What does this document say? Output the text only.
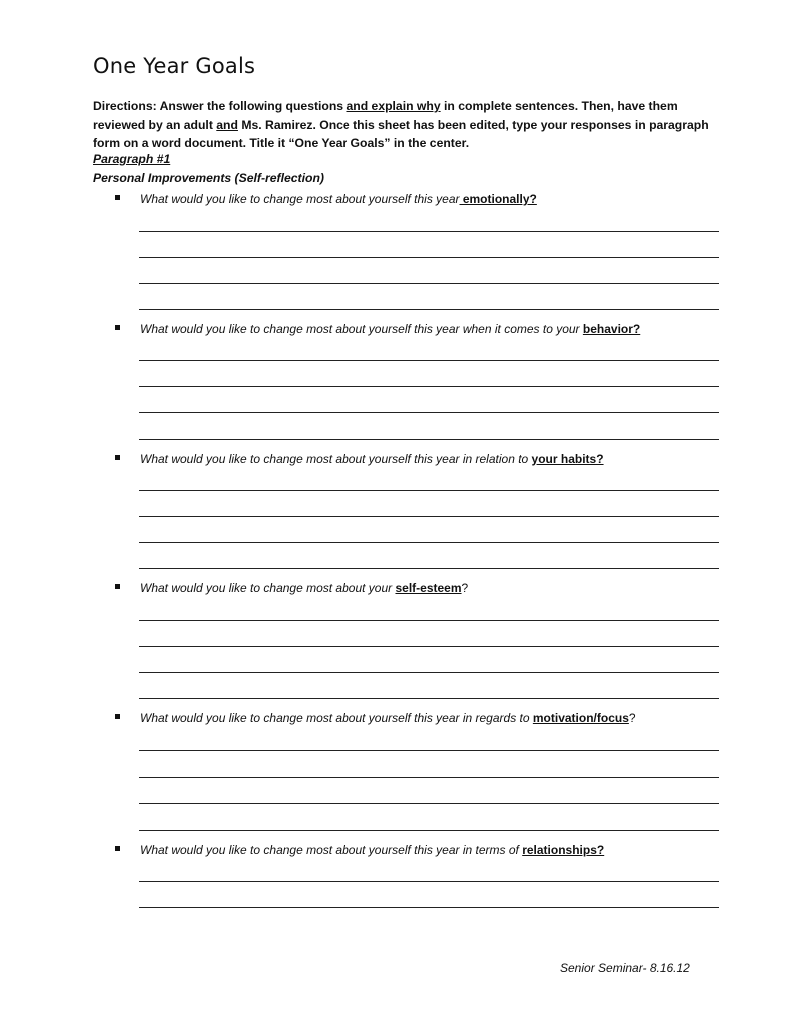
One Year Goals
Directions: Answer the following questions and explain why in complete sentences. Then, have them reviewed by an adult and Ms. Ramirez. Once this sheet has been edited, type your responses in paragraph form on a word document. Title it “One Year Goals” in the center.
Paragraph #1
Personal Improvements (Self-reflection)
What would you like to change most about yourself this year emotionally?
What would you like to change most about yourself this year when it comes to your behavior?
What would you like to change most about yourself this year in relation to your habits?
What would you like to change most about your self-esteem?
What would you like to change most about yourself this year in regards to motivation/focus?
What would you like to change most about yourself this year in terms of relationships?
Senior Seminar- 8.16.12
